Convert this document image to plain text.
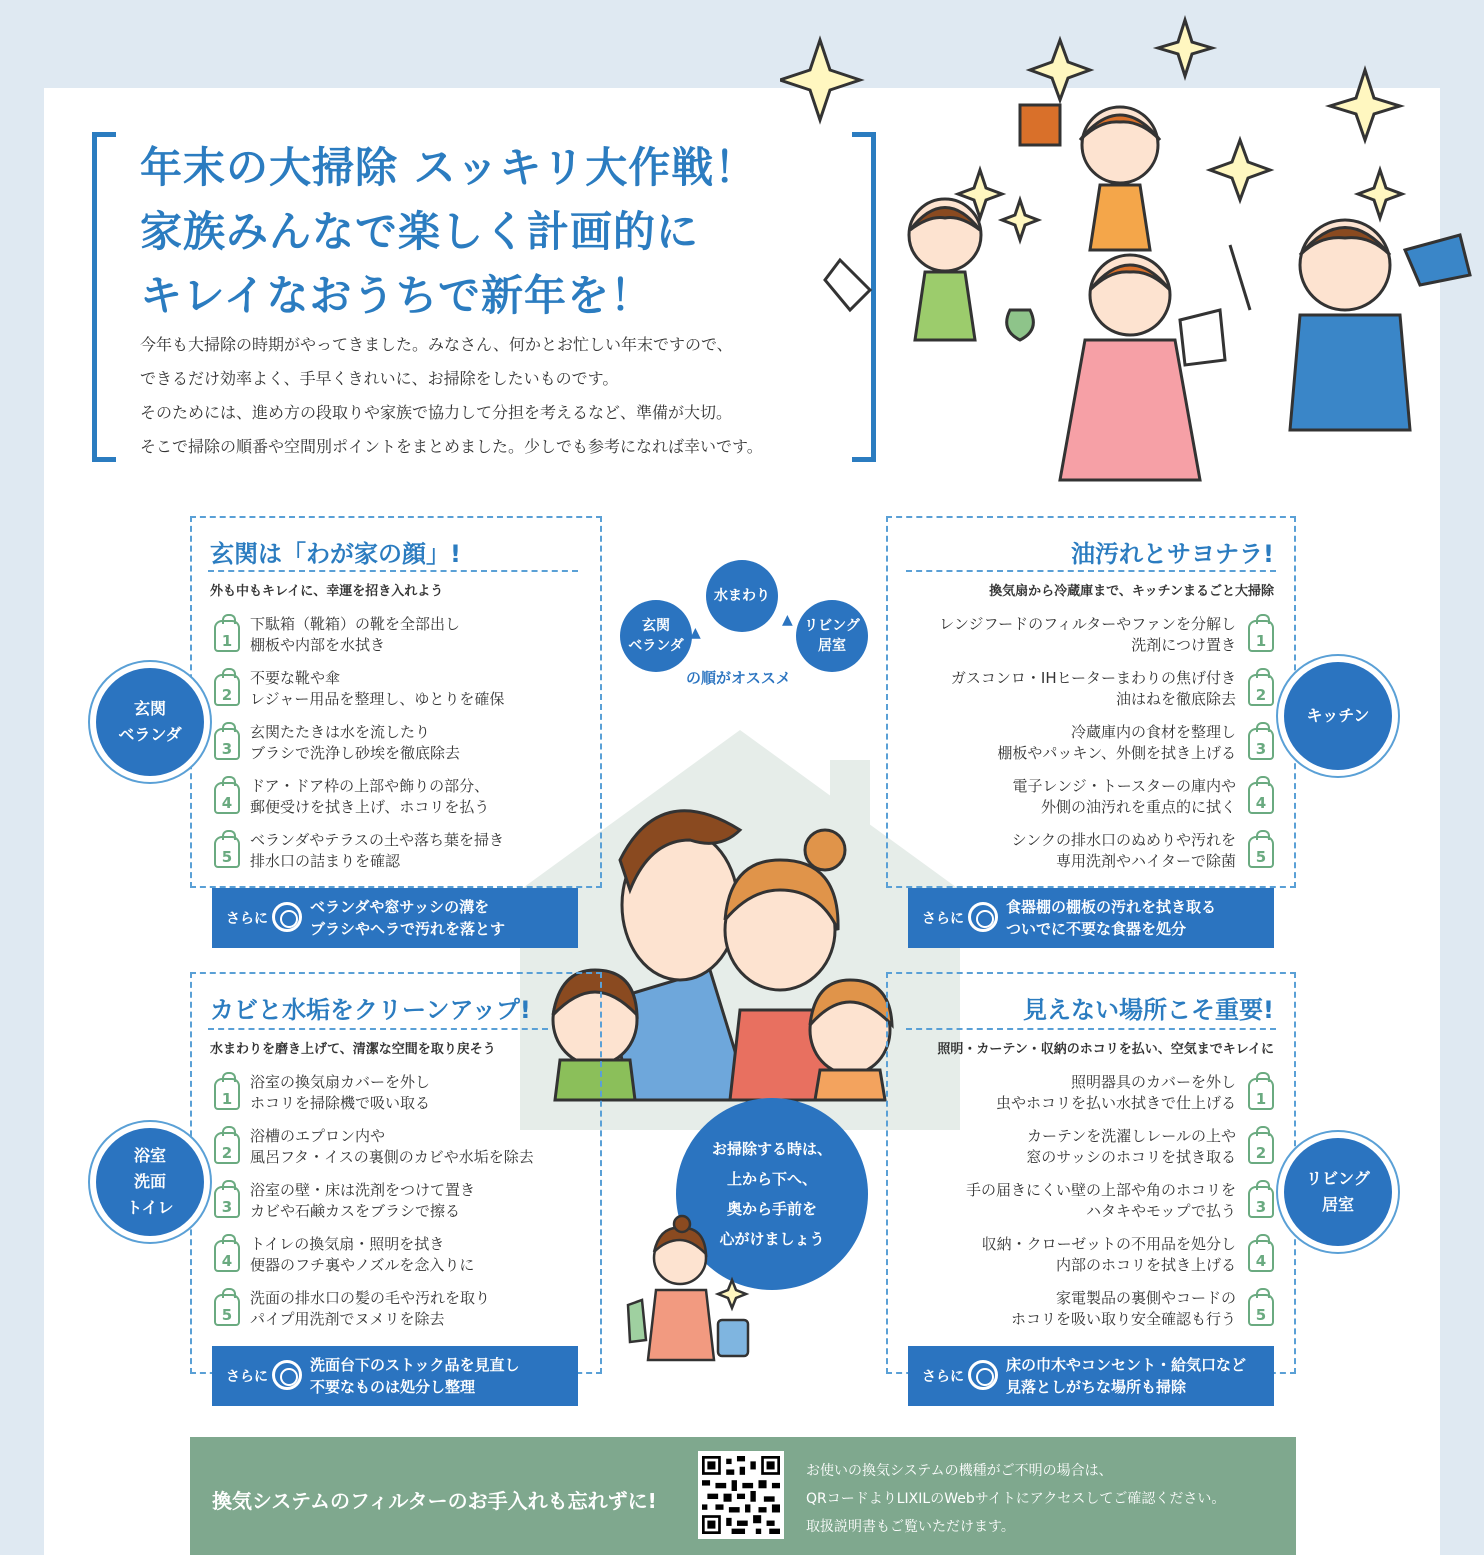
年末の大掃除 スッキリ大作戦！
家族みんなで楽しく計画的に
キレイなおうちで新年を！
今年も大掃除の時期がやってきました。みなさん、何かとお忙しい年末ですので、
できるだけ効率よく、手早くきれいに、お掃除をしたいものです。
そのためには、進め方の段取りや家族で協力して分担を考えるなど、準備が大切。
そこで掃除の順番や空間別ポイントをまとめました。少しでも参考になれば幸いです。
玄関
ベランダ
水まわり
リビング
居室
▲
▲
の順がオススメ
お掃除する時は、
上から下へ、
奥から手前を
心がけましょう
玄関は「わが家の顔」!
外も中もキレイに、幸運を招き入れよう
玄関
ベランダ
1
下駄箱（靴箱）の靴を全部出し
棚板や内部を水拭き
2
不要な靴や傘
レジャー用品を整理し、ゆとりを確保
3
玄関たたきは水を流したり
ブラシで洗浄し砂埃を徹底除去
4
ドア・ドア枠の上部や飾りの部分、
郵便受けを拭き上げ、ホコリを払う
5
ベランダやテラスの土や落ち葉を掃き
排水口の詰まりを確認
さらに
ベランダや窓サッシの溝を
ブラシやヘラで汚れを落とす
油汚れとサヨナラ!
換気扇から冷蔵庫まで、キッチンまるごと大掃除
キッチン
1
レンジフードのフィルターやファンを分解し
洗剤につけ置き
2
ガスコンロ・IHヒーターまわりの焦げ付き
油はねを徹底除去
3
冷蔵庫内の食材を整理し
棚板やパッキン、外側を拭き上げる
4
電子レンジ・トースターの庫内や
外側の油汚れを重点的に拭く
5
シンクの排水口のぬめりや汚れを
専用洗剤やハイターで除菌
さらに
食器棚の棚板の汚れを拭き取る
ついでに不要な食器を処分
カビと水垢をクリーンアップ!
水まわりを磨き上げて、清潔な空間を取り戻そう
浴室
洗面
トイレ
1
浴室の換気扇カバーを外し
ホコリを掃除機で吸い取る
2
浴槽のエプロン内や
風呂フタ・イスの裏側のカビや水垢を除去
3
浴室の壁・床は洗剤をつけて置き
カビや石鹸カスをブラシで擦る
4
トイレの換気扇・照明を拭き
便器のフチ裏やノズルを念入りに
5
洗面の排水口の髪の毛や汚れを取り
パイプ用洗剤でヌメリを除去
さらに
洗面台下のストック品を見直し
不要なものは処分し整理
見えない場所こそ重要!
照明・カーテン・収納のホコリを払い、空気までキレイに
リビング
居室
1
照明器具のカバーを外し
虫やホコリを払い水拭きで仕上げる
2
カーテンを洗濯しレールの上や
窓のサッシのホコリを拭き取る
3
手の届きにくい壁の上部や角のホコリを
ハタキやモップで払う
4
収納・クローゼットの不用品を処分し
内部のホコリを拭き上げる
5
家電製品の裏側やコードの
ホコリを吸い取り安全確認も行う
さらに
床の巾木やコンセント・給気口など
見落としがちな場所も掃除
換気システムのフィルターのお手入れも忘れずに!
お使いの換気システムの機種がご不明の場合は、
QRコードよりLIXILのWebサイトにアクセスしてご確認ください。
取扱説明書もご覧いただけます。
